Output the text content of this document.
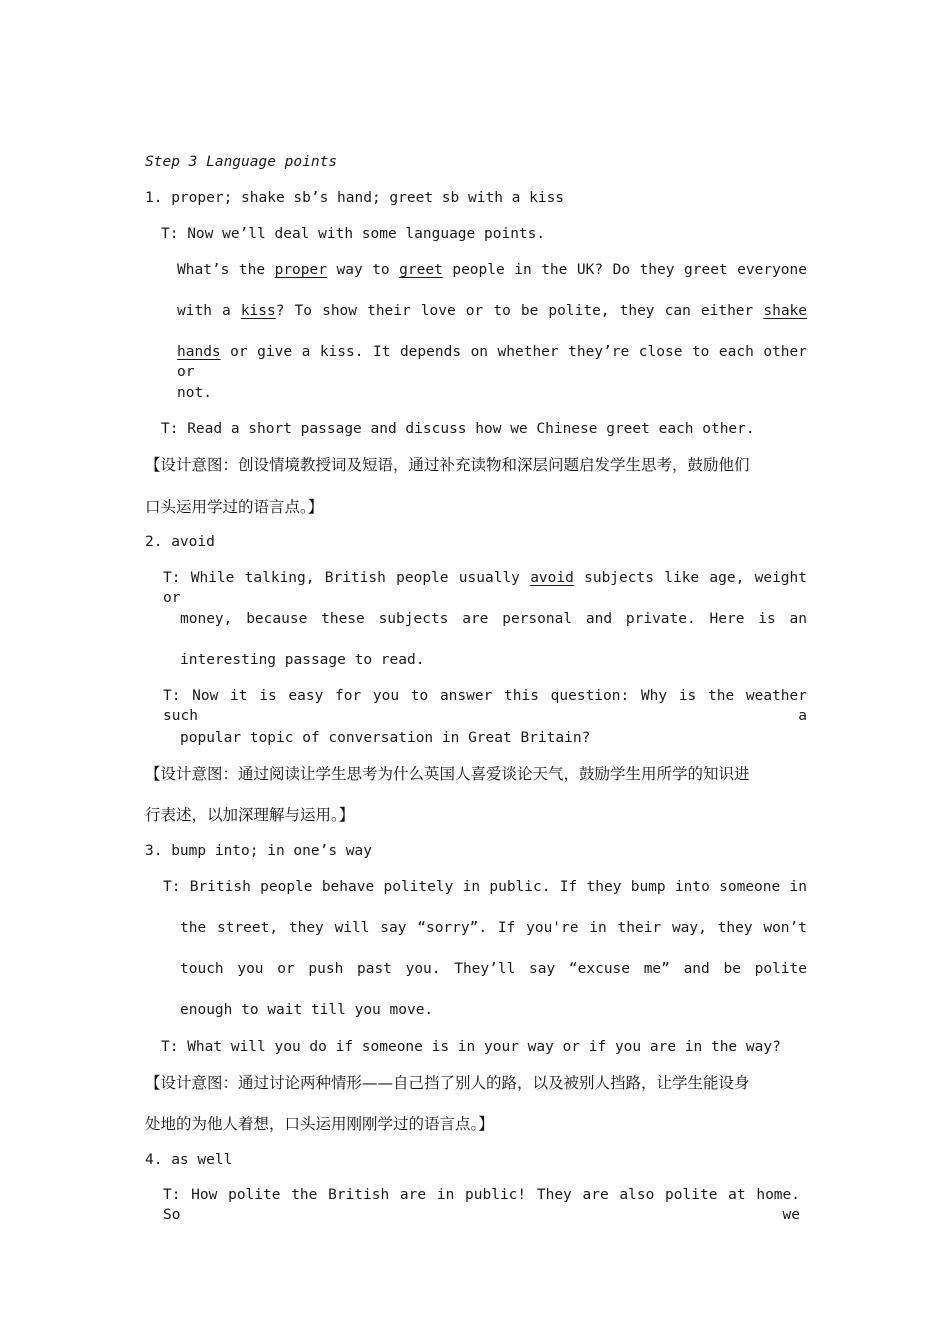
Step 3 Language points
1. proper; shake sb’s hand; greet sb with a kiss
T: Now we’ll deal with some language points.
What’s the proper way to greet people in the UK? Do they greet everyone
with a kiss? To show their love or to be polite, they can either shake
hands or give a kiss. It depends on whether they’re close to each other or
not.
T: Read a short passage and discuss how we Chinese greet each other.
【设计意图：创设情境教授词及短语，通过补充读物和深层问题启发学生思考，鼓励他们
口头运用学过的语言点。】
2. avoid
T: While talking, British people usually avoid subjects like age, weight or
money, because these subjects are personal and private. Here is an
interesting passage to read.
T: Now it is easy for you to answer this question: Why is the weather such a
popular topic of conversation in Great Britain?
【设计意图：通过阅读让学生思考为什么英国人喜爱谈论天气，鼓励学生用所学的知识进
行表述，以加深理解与运用。】
3. bump into; in one’s way
T: British people behave politely in public. If they bump into someone in
the street, they will say “sorry”. If you're in their way, they won’t
touch you or push past you. They’ll say “excuse me” and be polite
enough to wait till you move.
T: What will you do if someone is in your way or if you are in the way?
【设计意图：通过讨论两种情形——自己挡了别人的路，以及被别人挡路，让学生能设身
处地的为他人着想，口头运用刚刚学过的语言点。】
4. as well
T: How polite the British are in public! They are also polite at home. So we
